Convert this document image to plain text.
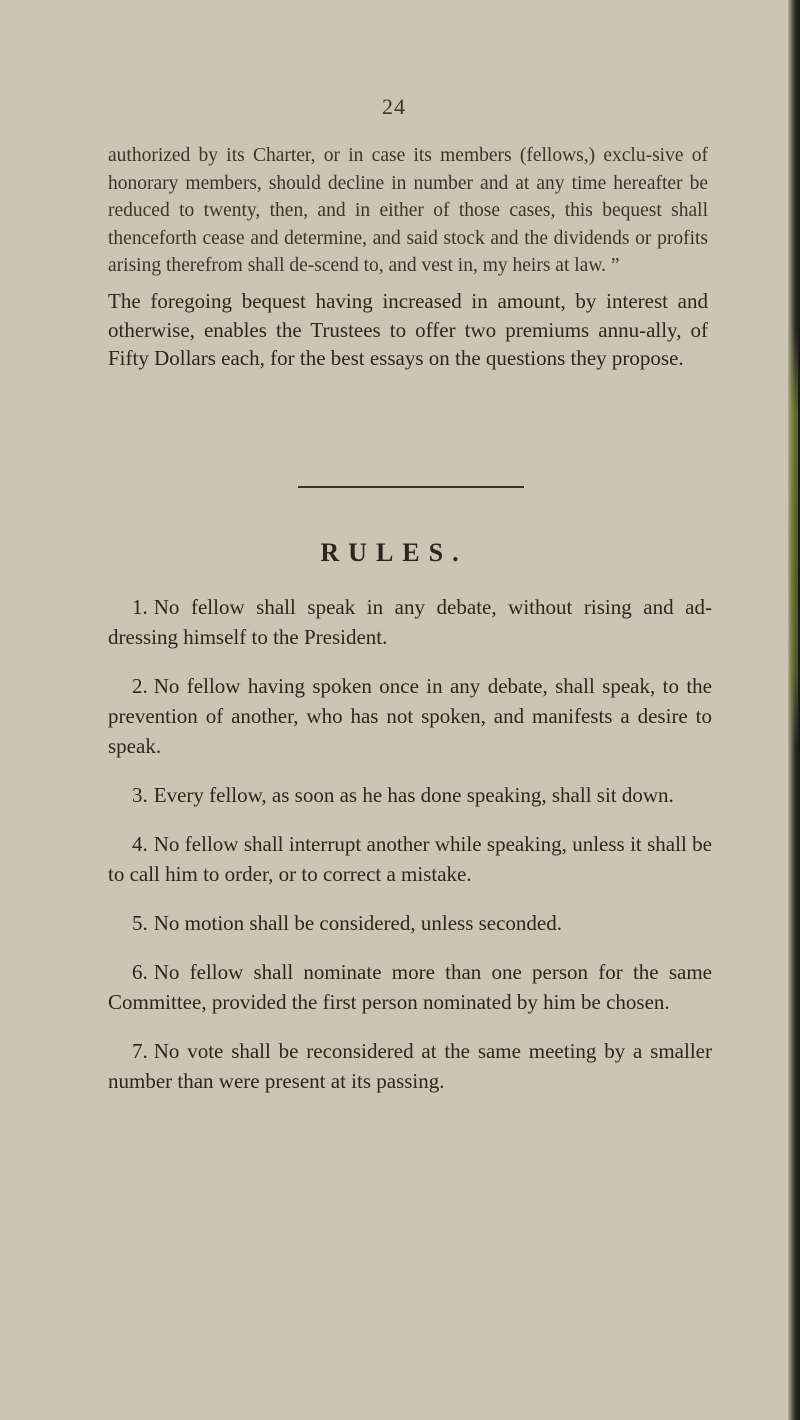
24

authorized by its Charter, or in case its members (fellows,) exclu-sive of honorary members, should decline in number and at any time hereafter be reduced to twenty, then, and in either of those cases, this bequest shall thenceforth cease and determine, and said stock and the dividends or profits arising therefrom shall de-scend to, and vest in, my heirs at law. ”

The foregoing bequest having increased in amount, by interest and otherwise, enables the Trustees to offer two premiums annu-ally, of Fifty Dollars each, for the best essays on the questions they propose.

RULES.
1. No fellow shall speak in any debate, without rising and ad-dressing himself to the President.
2. No fellow having spoken once in any debate, shall speak, to the prevention of another, who has not spoken, and manifests a desire to speak.
3. Every fellow, as soon as he has done speaking, shall sit down.
4. No fellow shall interrupt another while speaking, unless it shall be to call him to order, or to correct a mistake.
5. No motion shall be considered, unless seconded.
6. No fellow shall nominate more than one person for the same Committee, provided the first person nominated by him be chosen.
7. No vote shall be reconsidered at the same meeting by a smaller number than were present at its passing.
